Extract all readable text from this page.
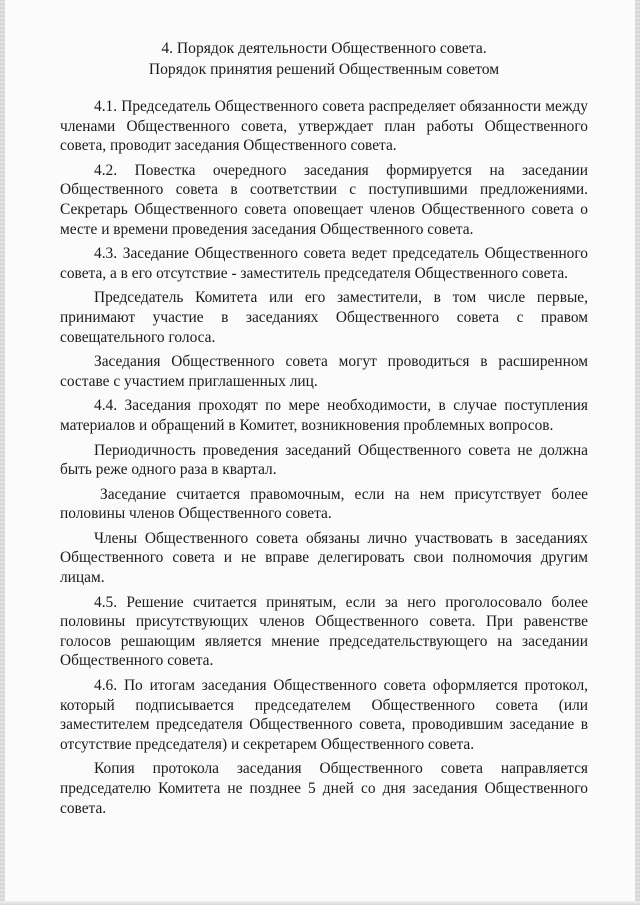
4. Порядок деятельности Общественного совета.
Порядок принятия решений Общественным советом

4.1. Председатель Общественного совета распределяет обязанности между членами Общественного совета, утверждает план работы Общественного совета, проводит заседания Общественного совета.

4.2. Повестка очередного заседания формируется на заседании Общественного совета в соответствии с поступившими предложениями. Секретарь Общественного совета оповещает членов Общественного совета о месте и времени проведения заседания Общественного совета.

4.3. Заседание Общественного совета ведет председатель Общественного совета, а в его отсутствие - заместитель председателя Общественного совета.

Председатель Комитета или его заместители, в том числе первые, принимают участие в заседаниях Общественного совета с правом совещательного голоса.

Заседания Общественного совета могут проводиться в расширенном составе с участием приглашенных лиц.

4.4. Заседания проходят по мере необходимости, в случае поступления материалов и обращений в Комитет, возникновения проблемных вопросов.

Периодичность проведения заседаний Общественного совета не должна быть реже одного раза в квартал.

Заседание считается правомочным, если на нем присутствует более половины членов Общественного совета.

Члены Общественного совета обязаны лично участвовать в заседаниях Общественного совета и не вправе делегировать свои полномочия другим лицам.

4.5. Решение считается принятым, если за него проголосовало более половины присутствующих членов Общественного совета. При равенстве голосов решающим является мнение председательствующего на заседании Общественного совета.

4.6. По итогам заседания Общественного совета оформляется протокол, который подписывается председателем Общественного совета (или заместителем председателя Общественного совета, проводившим заседание в отсутствие председателя) и секретарем Общественного совета.

Копия протокола заседания Общественного совета направляется председателю Комитета не позднее 5 дней со дня заседания Общественного совета.
